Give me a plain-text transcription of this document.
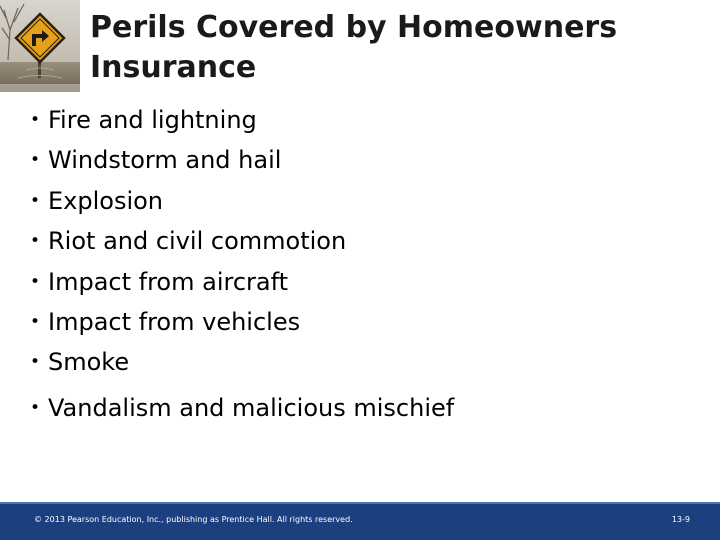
Perils Covered by Homeowners Insurance
• Fire and lightning
• Windstorm and hail
• Explosion
• Riot and civil commotion
• Impact from aircraft
• Impact from vehicles
• Smoke
• Vandalism and malicious mischief
© 2013 Pearson Education, Inc., publishing as Prentice Hall. All rights reserved.	13-9
